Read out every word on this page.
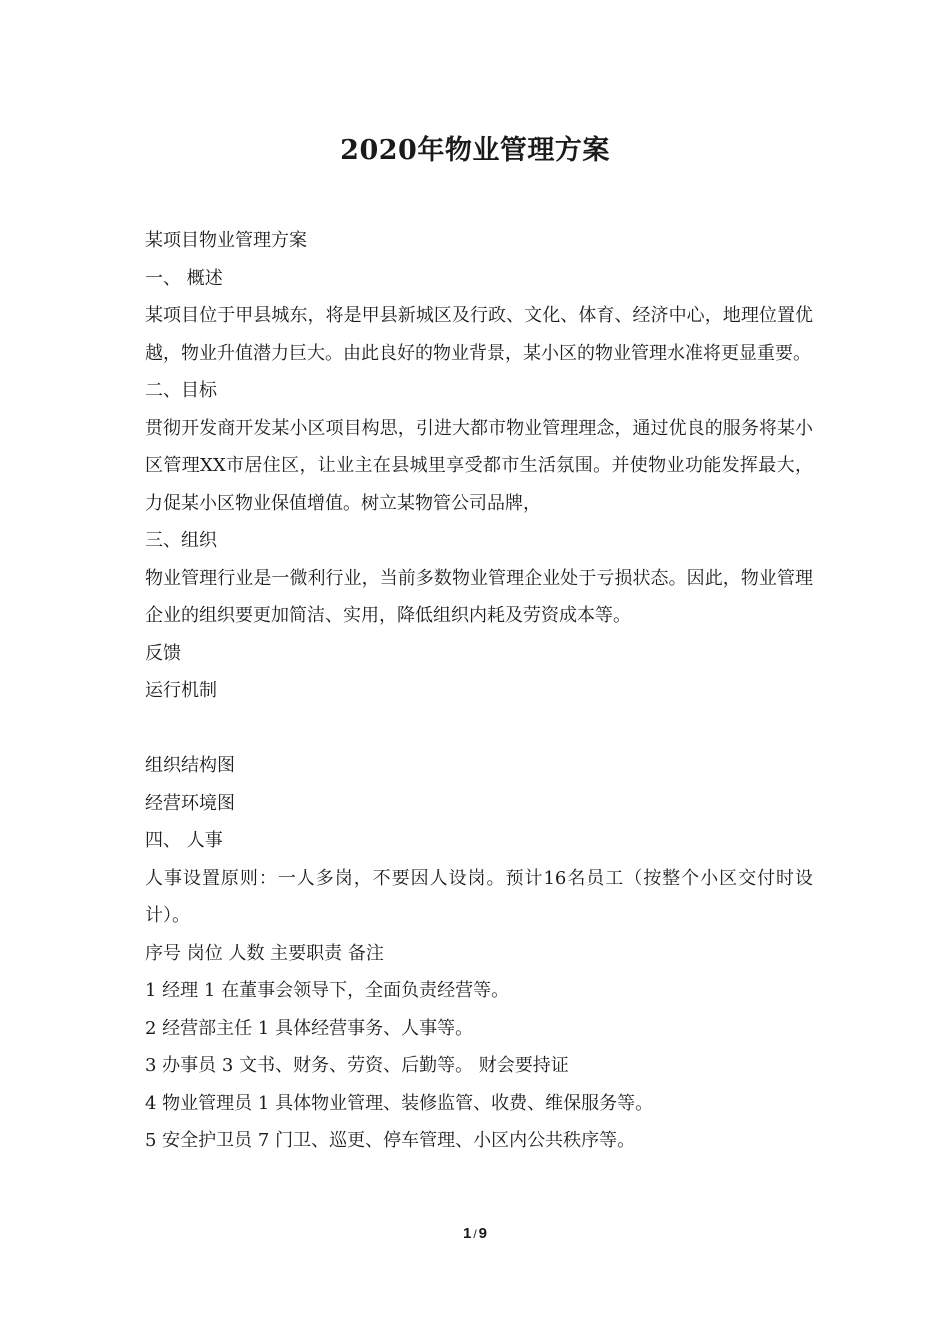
2020年物业管理方案

某项目物业管理方案

一、 概述

某项目位于甲县城东，将是甲县新城区及行政、文化、体育、经济中心，地理位置优越，物业升值潜力巨大。由此良好的物业背景，某小区的物业管理水准将更显重要。

二、目标

贯彻开发商开发某小区项目构思，引进大都市物业管理理念，通过优良的服务将某小区管理XX市居住区，让业主在县城里享受都市生活氛围。并使物业功能发挥最大，力促某小区物业保值增值。树立某物管公司品牌，

三、组织

物业管理行业是一微利行业，当前多数物业管理企业处于亏损状态。因此，物业管理企业的组织要更加简洁、实用，降低组织内耗及劳资成本等。

反馈

运行机制

组织结构图

经营环境图

四、 人事

人事设置原则：一人多岗，不要因人设岗。预计16名员工（按整个小区交付时设计）。

序号 岗位 人数 主要职责 备注

1 经理 1 在董事会领导下，全面负责经营等。

2 经营部主任 1 具体经营事务、人事等。

3 办事员 3 文书、财务、劳资、后勤等。 财会要持证

4 物业管理员 1 具体物业管理、装修监管、收费、维保服务等。

5 安全护卫员 7 门卫、巡更、停车管理、小区内公共秩序等。

1 / 9
